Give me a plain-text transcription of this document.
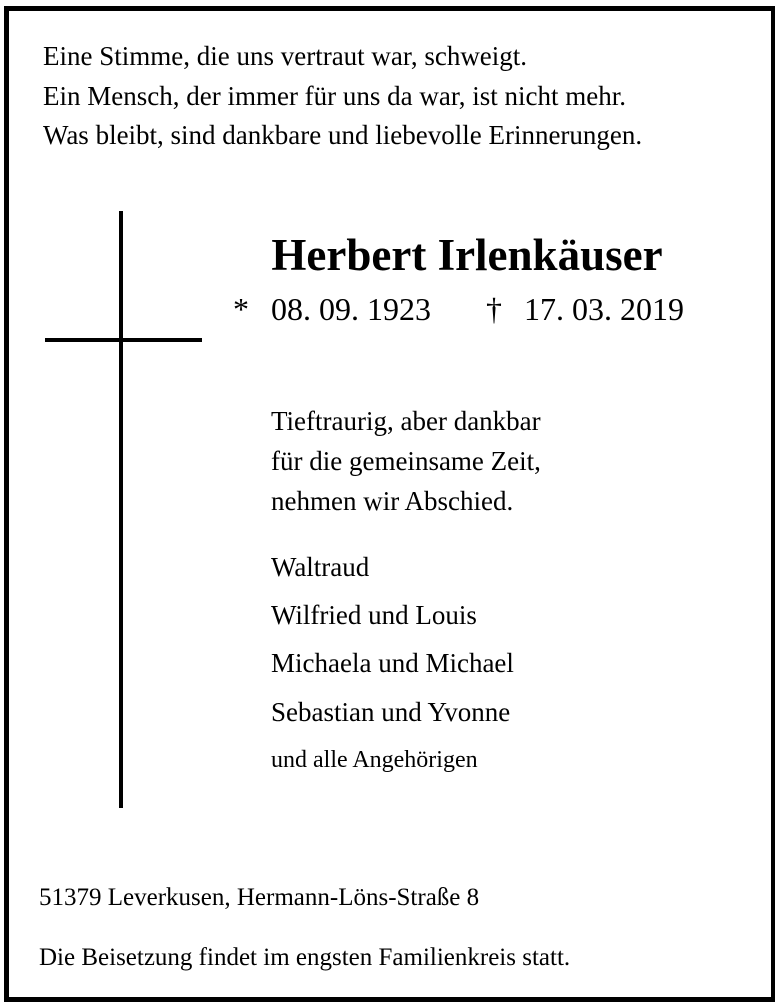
Eine Stimme, die uns vertraut war, schweigt.
Ein Mensch, der immer für uns da war, ist nicht mehr.
Was bleibt, sind dankbare und liebevolle Erinnerungen.
Herbert Irlenkäuser
* 08. 09. 1923 † 17. 03. 2019
Tieftraurig, aber dankbar
für die gemeinsame Zeit,
nehmen wir Abschied.
Waltraud
Wilfried und Louis
Michaela und Michael
Sebastian und Yvonne
und alle Angehörigen
51379 Leverkusen, Hermann-Löns-Straße 8
Die Beisetzung findet im engsten Familienkreis statt.
